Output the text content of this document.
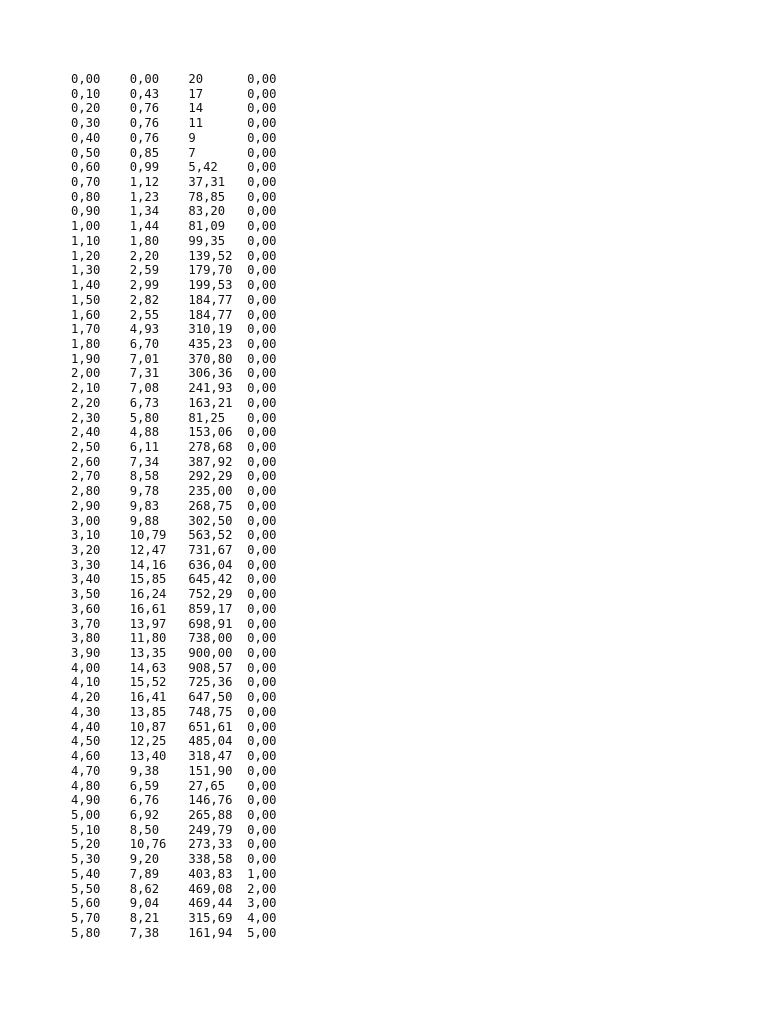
0,00	0,00	20	0,00
0,10	0,43	17	0,00
0,20	0,76	14	0,00
0,30	0,76	11	0,00
0,40	0,76	9	0,00
0,50	0,85	7	0,00
0,60	0,99	5,42	0,00
0,70	1,12	37,31	0,00
0,80	1,23	78,85	0,00
0,90	1,34	83,20	0,00
1,00	1,44	81,09	0,00
1,10	1,80	99,35	0,00
1,20	2,20	139,52	0,00
1,30	2,59	179,70	0,00
1,40	2,99	199,53	0,00
1,50	2,82	184,77	0,00
1,60	2,55	184,77	0,00
1,70	4,93	310,19	0,00
1,80	6,70	435,23	0,00
1,90	7,01	370,80	0,00
2,00	7,31	306,36	0,00
2,10	7,08	241,93	0,00
2,20	6,73	163,21	0,00
2,30	5,80	81,25	0,00
2,40	4,88	153,06	0,00
2,50	6,11	278,68	0,00
2,60	7,34	387,92	0,00
2,70	8,58	292,29	0,00
2,80	9,78	235,00	0,00
2,90	9,83	268,75	0,00
3,00	9,88	302,50	0,00
3,10	10,79	563,52	0,00
3,20	12,47	731,67	0,00
3,30	14,16	636,04	0,00
3,40	15,85	645,42	0,00
3,50	16,24	752,29	0,00
3,60	16,61	859,17	0,00
3,70	13,97	698,91	0,00
3,80	11,80	738,00	0,00
3,90	13,35	900,00	0,00
4,00	14,63	908,57	0,00
4,10	15,52	725,36	0,00
4,20	16,41	647,50	0,00
4,30	13,85	748,75	0,00
4,40	10,87	651,61	0,00
4,50	12,25	485,04	0,00
4,60	13,40	318,47	0,00
4,70	9,38	151,90	0,00
4,80	6,59	27,65	0,00
4,90	6,76	146,76	0,00
5,00	6,92	265,88	0,00
5,10	8,50	249,79	0,00
5,20	10,76	273,33	0,00
5,30	9,20	338,58	0,00
5,40	7,89	403,83	1,00
5,50	8,62	469,08	2,00
5,60	9,04	469,44	3,00
5,70	8,21	315,69	4,00
5,80	7,38	161,94	5,00
